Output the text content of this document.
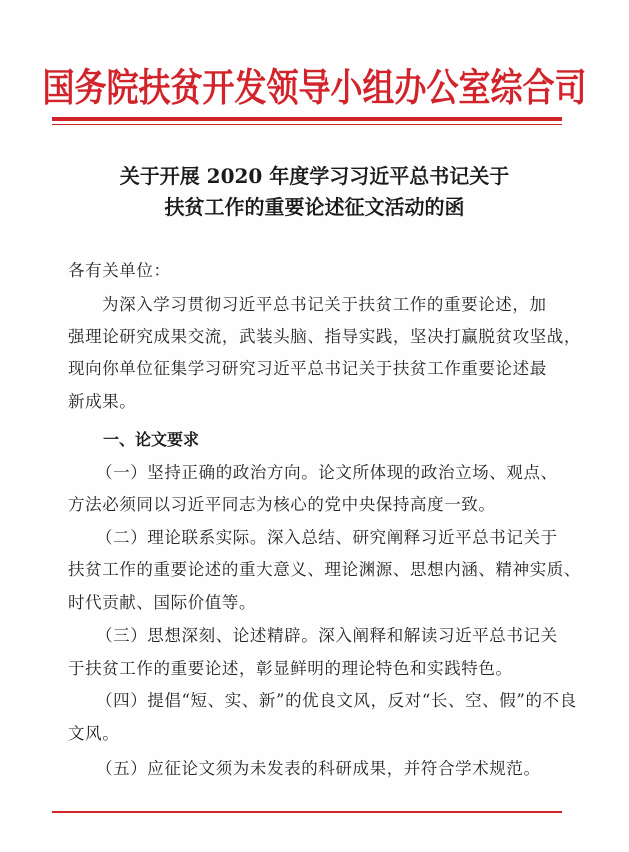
国务院扶贫开发领导小组办公室综合司
关于开展 2020 年度学习习近平总书记关于
扶贫工作的重要论述征文活动的函
各有关单位：
为深入学习贯彻习近平总书记关于扶贫工作的重要论述，加
强理论研究成果交流，武装头脑、指导实践，坚决打赢脱贫攻坚战，
现向你单位征集学习研究习近平总书记关于扶贫工作重要论述最
新成果。
一、论文要求
（一）坚持正确的政治方向。论文所体现的政治立场、观点、
方法必须同以习近平同志为核心的党中央保持高度一致。
（二）理论联系实际。深入总结、研究阐释习近平总书记关于
扶贫工作的重要论述的重大意义、理论渊源、思想内涵、精神实质、
时代贡献、国际价值等。
（三）思想深刻、论述精辟。深入阐释和解读习近平总书记关
于扶贫工作的重要论述，彰显鲜明的理论特色和实践特色。
（四）提倡“短、实、新”的优良文风，反对“长、空、假”的不良
文风。
（五）应征论文须为未发表的科研成果，并符合学术规范。
